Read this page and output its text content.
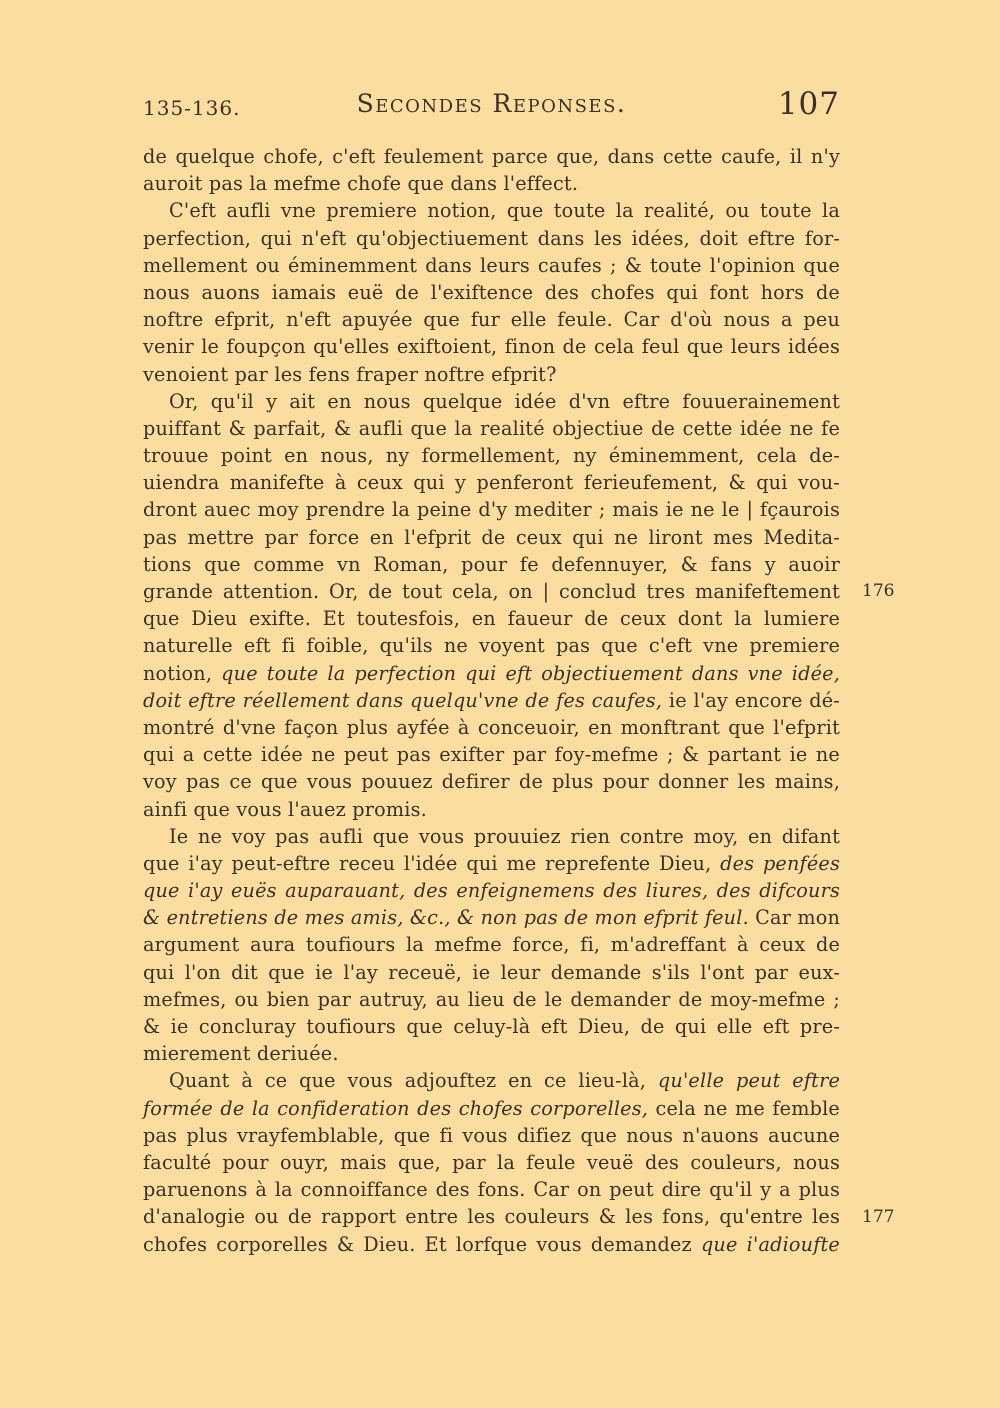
135-136.	Secondes Reponses.	107
de quelque chofe, c'eft feulement parce que, dans cette caufe, il n'y
auroit pas la mefme chofe que dans l'effect.
C'eft aufli vne premiere notion, que toute la realité, ou toute la
perfection, qui n'eft qu'objectiuement dans les idées, doit eftre for-
mellement ou éminemment dans leurs caufes ; & toute l'opinion que
nous auons iamais euë de l'exiftence des chofes qui font hors de
noftre efprit, n'eft apuyée que fur elle feule. Car d'où nous a peu
venir le foupçon qu'elles exiftoient, finon de cela feul que leurs idées
venoient par les fens fraper noftre efprit?
Or, qu'il y ait en nous quelque idée d'vn eftre fouuerainement
puiffant & parfait, & aufli que la realité objectiue de cette idée ne fe
trouue point en nous, ny formellement, ny éminemment, cela de-
uiendra manifefte à ceux qui y penferont ferieufement, & qui vou-
dront auec moy prendre la peine d'y mediter ; mais ie ne le | fçaurois
pas mettre par force en l'efprit de ceux qui ne liront mes Medita-
tions que comme vn Roman, pour fe defennuyer, & fans y auoir
grande attention. Or, de tout cela, on | conclud tres manifeftement
que Dieu exifte. Et toutesfois, en faueur de ceux dont la lumiere
naturelle eft fi foible, qu'ils ne voyent pas que c'eft vne premiere
notion, que toute la perfection qui eft objectiuement dans vne idée,
doit eftre réellement dans quelqu'vne de fes caufes, ie l'ay encore dé-
montré d'vne façon plus ayfée à conceuoir, en monftrant que l'efprit
qui a cette idée ne peut pas exifter par foy-mefme ; & partant ie ne
voy pas ce que vous pouuez defirer de plus pour donner les mains,
ainfi que vous l'auez promis.
Ie ne voy pas aufli que vous prouuiez rien contre moy, en difant
que i'ay peut-eftre receu l'idée qui me reprefente Dieu, des penfées
que i'ay euës auparauant, des enfeignemens des liures, des difcours
& entretiens de mes amis, &c., & non pas de mon efprit feul. Car mon
argument aura toufiours la mefme force, fi, m'adreffant à ceux de
qui l'on dit que ie l'ay receuë, ie leur demande s'ils l'ont par eux-
mefmes, ou bien par autruy, au lieu de le demander de moy-mefme ;
& ie concluray toufiours que celuy-là eft Dieu, de qui elle eft pre-
mierement deriuée.
Quant à ce que vous adjouftez en ce lieu-là, qu'elle peut eftre
formée de la confideration des chofes corporelles, cela ne me femble
pas plus vrayfemblable, que fi vous difiez que nous n'auons aucune
faculté pour ouyr, mais que, par la feule veuë des couleurs, nous
paruenons à la connoiffance des fons. Car on peut dire qu'il y a plus
d'analogie ou de rapport entre les couleurs & les fons, qu'entre les
chofes corporelles & Dieu. Et lorfque vous demandez que i'adioufte
176
177
